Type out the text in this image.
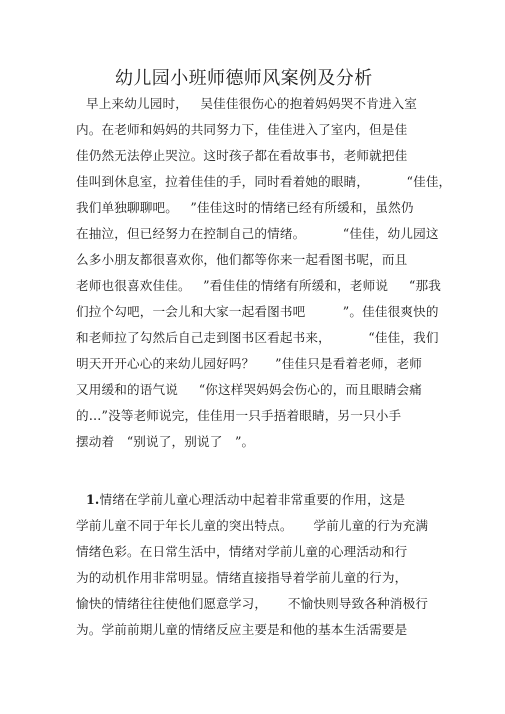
幼儿园小班师德师风案例及分析
早上来幼儿园时，   吴佳佳很伤心的抱着妈妈哭不肯进入室
内。在老师和妈妈的共同努力下，佳佳进入了室内，但是佳
佳仍然无法停止哭泣。这时孩子都在看故事书，老师就把佳
佳叫到休息室，拉着佳佳的手，同时看着她的眼睛，         “佳佳，
我们单独聊聊吧。   ”佳佳这时的情绪已经有所缓和，虽然仍
在抽泣，但已经努力在控制自己的情绪。         “佳佳，幼儿园这
么多小朋友都很喜欢你，他们都等你来一起看图书呢，而且
老师也很喜欢佳佳。   ”看佳佳的情绪有所缓和，老师说     “那我
们拉个勾吧，一会儿和大家一起看图书吧         ”。佳佳很爽快的
和老师拉了勾然后自己走到图书区看起书来，         “佳佳，我们
明天开开心心的来幼儿园好吗？     ”佳佳只是看着老师，老师
又用缓和的语气说     “你这样哭妈妈会伤心的，而且眼睛会痛
的…”没等老师说完，佳佳用一只手捂着眼睛，另一只小手
摆动着   “别说了，别说了   ”。
1.情绪在学前儿童心理活动中起着非常重要的作用，这是
学前儿童不同于年长儿童的突出特点。     学前儿童的行为充满
情绪色彩。在日常生活中，情绪对学前儿童的心理活动和行
为的动机作用非常明显。情绪直接指导着学前儿童的行为，
愉快的情绪往往使他们愿意学习，     不愉快则导致各种消极行
为。学前前期儿童的情绪反应主要是和他的基本生活需要是
